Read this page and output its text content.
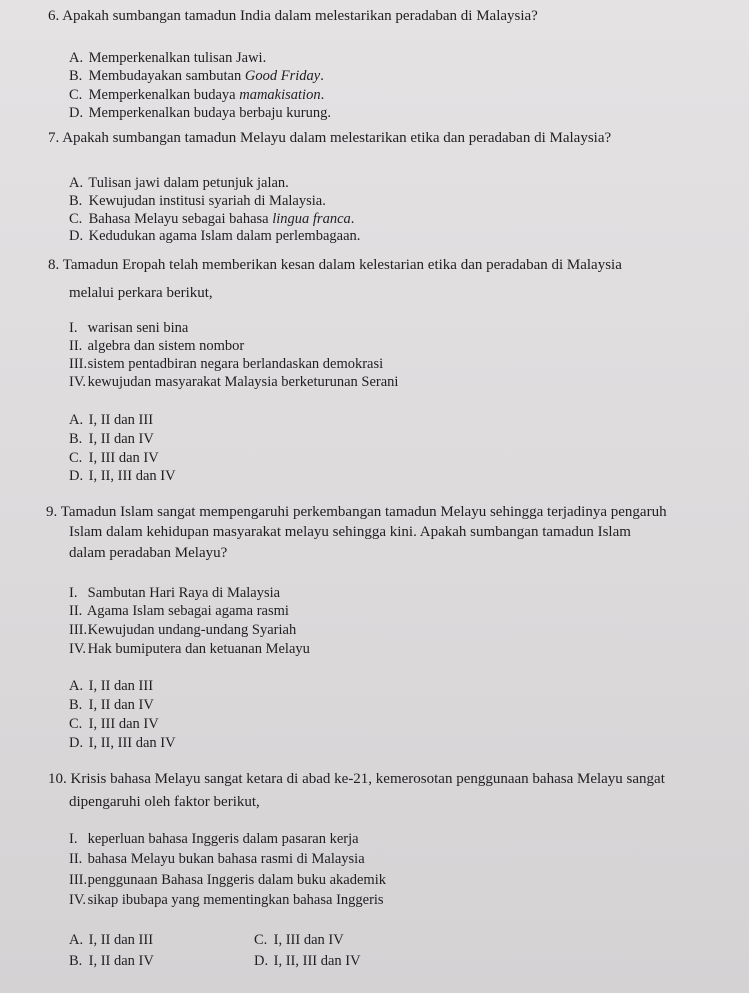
6. Apakah sumbangan tamadun India dalam melestarikan peradaban di Malaysia?
A. Memperkenalkan tulisan Jawi.
B. Membudayakan sambutan Good Friday.
C. Memperkenalkan budaya mamakisation.
D. Memperkenalkan budaya berbaju kurung.
7. Apakah sumbangan tamadun Melayu dalam melestarikan etika dan peradaban di Malaysia?
A. Tulisan jawi dalam petunjuk jalan.
B. Kewujudan institusi syariah di Malaysia.
C. Bahasa Melayu sebagai bahasa lingua franca.
D. Kedudukan agama Islam dalam perlembagaan.
8. Tamadun Eropah telah memberikan kesan dalam kelestarian etika dan peradaban di Malaysia
melalui perkara berikut,
I. warisan seni bina
II. algebra dan sistem nombor
III. sistem pentadbiran negara berlandaskan demokrasi
IV. kewujudan masyarakat Malaysia berketurunan Serani
A. I, II dan III
B. I, II dan IV
C. I, III dan IV
D. I, II, III dan IV
9. Tamadun Islam sangat mempengaruhi perkembangan tamadun Melayu sehingga terjadinya pengaruh
Islam dalam kehidupan masyarakat melayu sehingga kini. Apakah sumbangan tamadun Islam
dalam peradaban Melayu?
I. Sambutan Hari Raya di Malaysia
II. Agama Islam sebagai agama rasmi
III. Kewujudan undang-undang Syariah
IV. Hak bumiputera dan ketuanan Melayu
A. I, II dan III
B. I, II dan IV
C. I, III dan IV
D. I, II, III dan IV
10. Krisis bahasa Melayu sangat ketara di abad ke-21, kemerosotan penggunaan bahasa Melayu sangat
dipengaruhi oleh faktor berikut,
I. keperluan bahasa Inggeris dalam pasaran kerja
II. bahasa Melayu bukan bahasa rasmi di Malaysia
III. penggunaan Bahasa Inggeris dalam buku akademik
IV. sikap ibubapa yang mementingkan bahasa Inggeris
A. I, II dan III	C. I, III dan IV
B. I, II dan IV	D. I, II, III dan IV
